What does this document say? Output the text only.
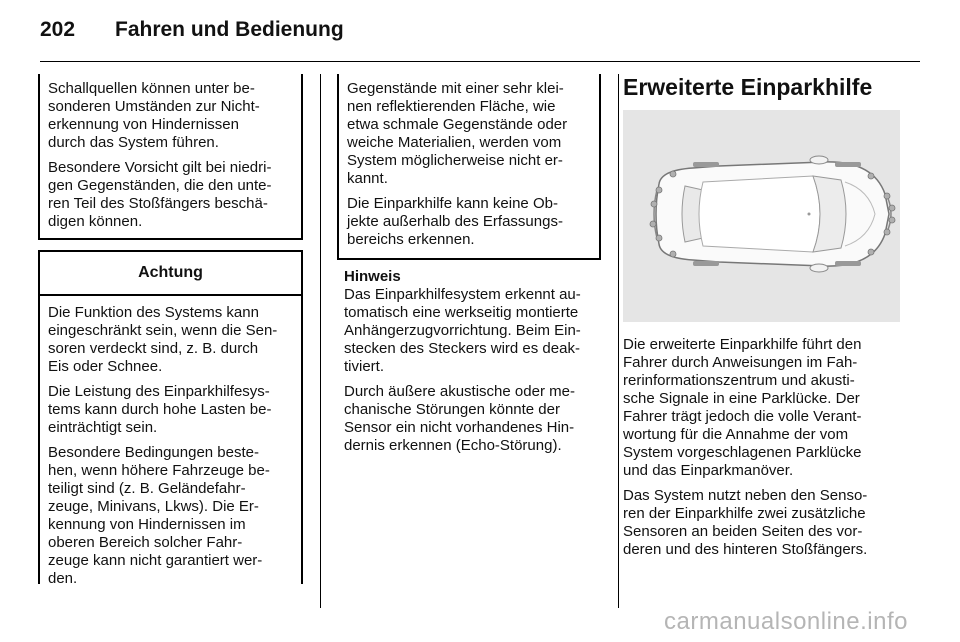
202 Fahren und Bedienung

Schallquellen können unter be-
sonderen Umständen zur Nicht-
erkennung von Hindernissen
durch das System führen.

Besondere Vorsicht gilt bei niedri-
gen Gegenständen, die den unte-
ren Teil des Stoßfängers beschä-
digen können.

Achtung

Die Funktion des Systems kann
eingeschränkt sein, wenn die Sen-
soren verdeckt sind, z. B. durch
Eis oder Schnee.

Die Leistung des Einparkhilfesys-
tems kann durch hohe Lasten be-
einträchtigt sein.

Besondere Bedingungen beste-
hen, wenn höhere Fahrzeuge be-
teiligt sind (z. B. Geländefahr-
zeuge, Minivans, Lkws). Die Er-
kennung von Hindernissen im
oberen Bereich solcher Fahr-
zeuge kann nicht garantiert wer-
den.

Gegenstände mit einer sehr klei-
nen reflektierenden Fläche, wie
etwa schmale Gegenstände oder
weiche Materialien, werden vom
System möglicherweise nicht er-
kannt.

Die Einparkhilfe kann keine Ob-
jekte außerhalb des Erfassungs-
bereichs erkennen.

Hinweis

Das Einparkhilfesystem erkennt au-
tomatisch eine werkseitig montierte
Anhängerzugvorrichtung. Beim Ein-
stecken des Steckers wird es deak-
tiviert.

Durch äußere akustische oder me-
chanische Störungen könnte der
Sensor ein nicht vorhandenes Hin-
dernis erkennen (Echo-Störung).

Erweiterte Einparkhilfe

Die erweiterte Einparkhilfe führt den
Fahrer durch Anweisungen im Fah-
rerinformationszentrum und akusti-
sche Signale in eine Parklücke. Der
Fahrer trägt jedoch die volle Verant-
wortung für die Annahme der vom
System vorgeschlagenen Parklücke
und das Einparkmanöver.

Das System nutzt neben den Senso-
ren der Einparkhilfe zwei zusätzliche
Sensoren an beiden Seiten des vor-
deren und des hinteren Stoßfängers.

carmanualsonline.info
